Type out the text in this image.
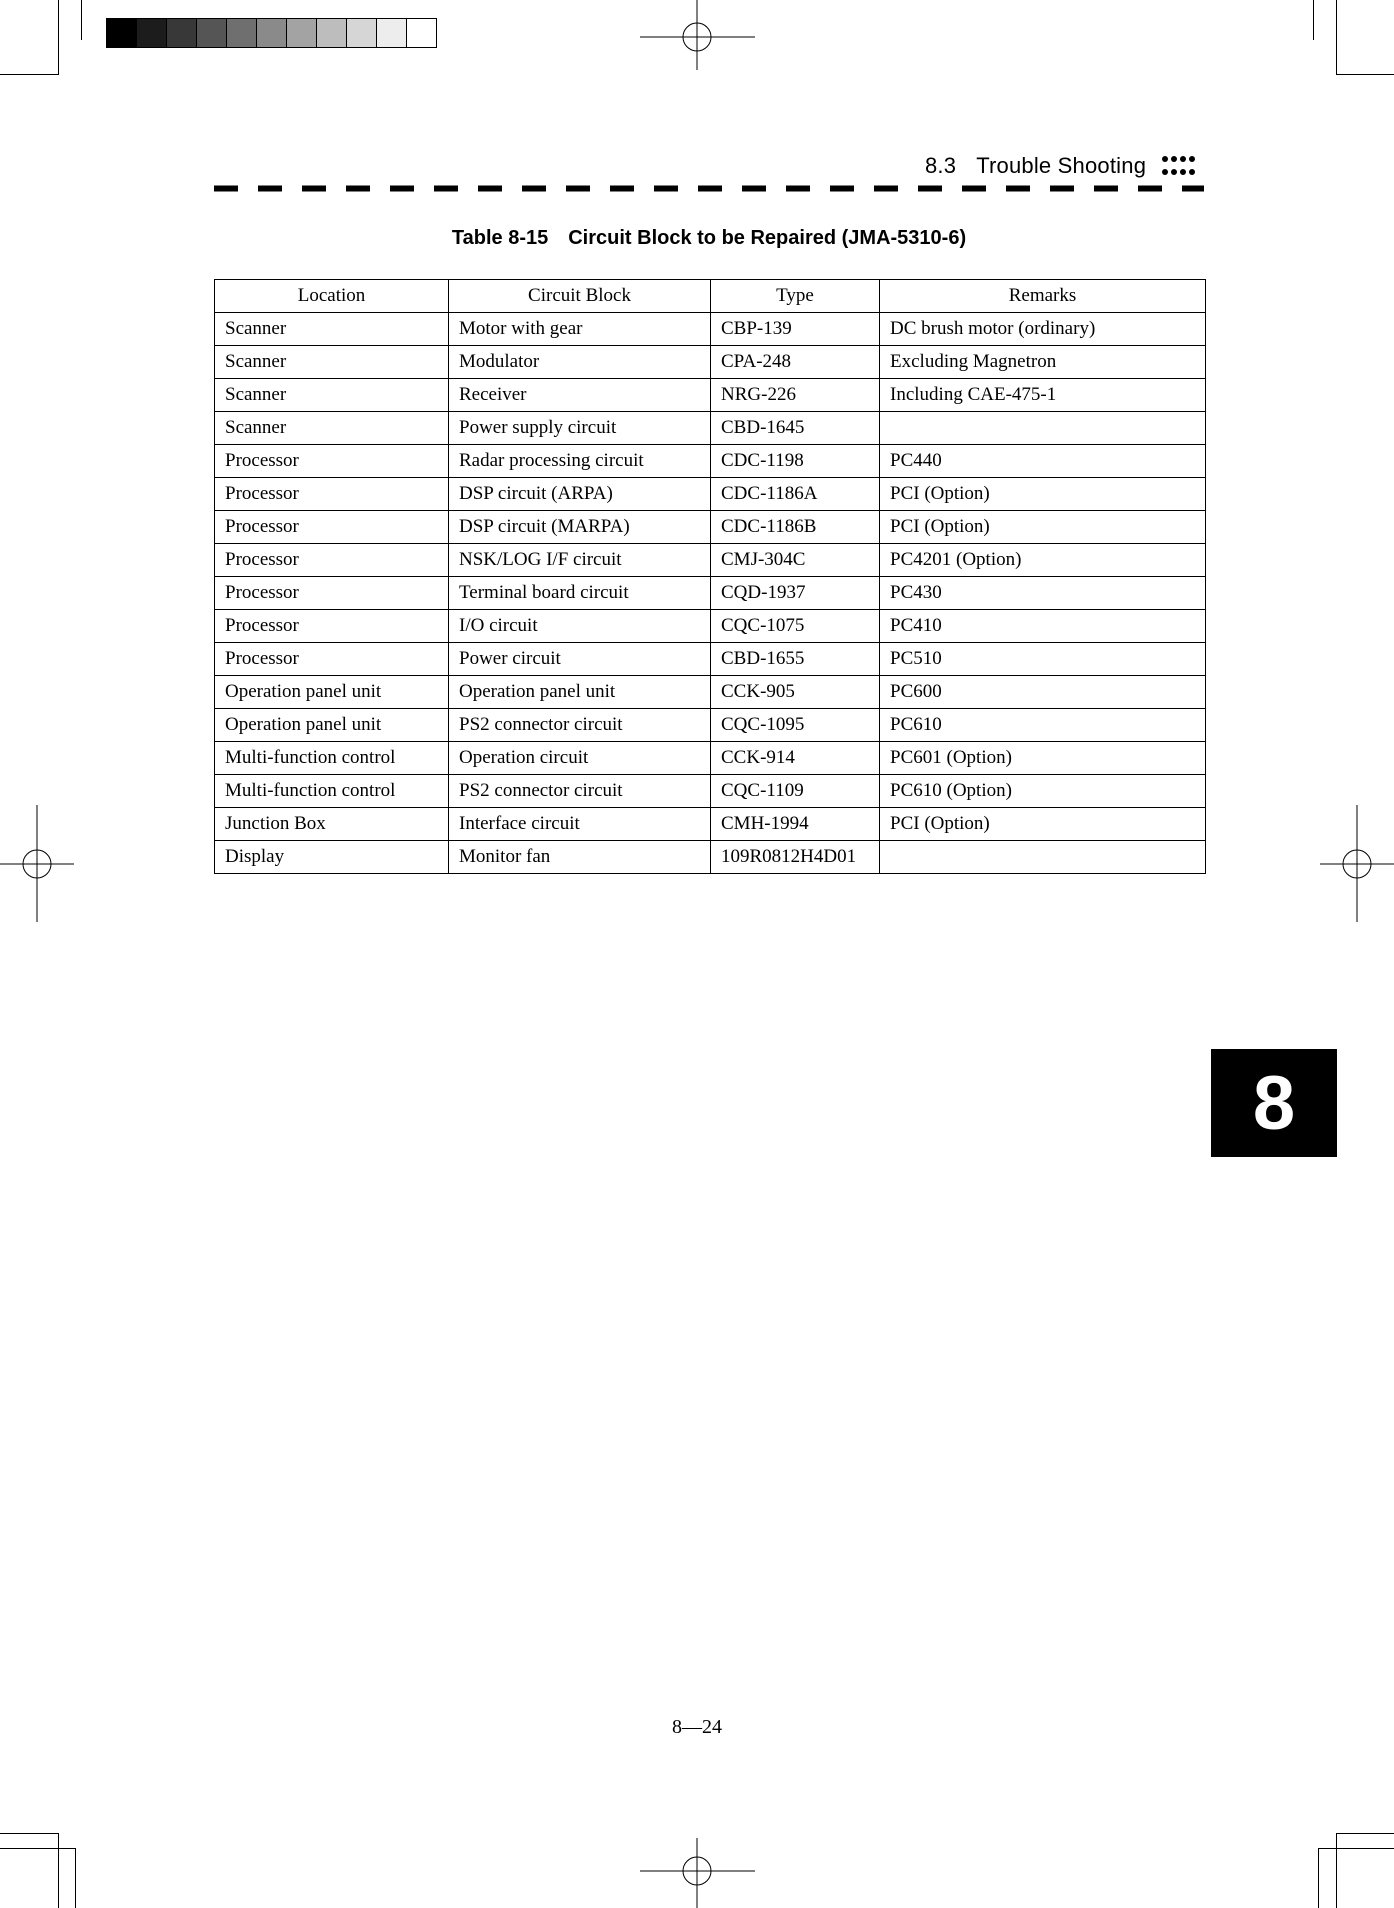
8.3 Trouble Shooting
Table 8-15 Circuit Block to be Repaired (JMA-5310-6)
Location	Circuit Block	Type	Remarks
Scanner	Motor with gear	CBP-139	DC brush motor (ordinary)
Scanner	Modulator	CPA-248	Excluding Magnetron
Scanner	Receiver	NRG-226	Including CAE-475-1
Scanner	Power supply circuit	CBD-1645	
Processor	Radar processing circuit	CDC-1198	PC440
Processor	DSP circuit (ARPA)	CDC-1186A	PCI (Option)
Processor	DSP circuit (MARPA)	CDC-1186B	PCI (Option)
Processor	NSK/LOG I/F circuit	CMJ-304C	PC4201 (Option)
Processor	Terminal board circuit	CQD-1937	PC430
Processor	I/O circuit	CQC-1075	PC410
Processor	Power circuit	CBD-1655	PC510
Operation panel unit	Operation panel unit	CCK-905	PC600
Operation panel unit	PS2 connector circuit	CQC-1095	PC610
Multi-function control	Operation circuit	CCK-914	PC601 (Option)
Multi-function control	PS2 connector circuit	CQC-1109	PC610 (Option)
Junction Box	Interface circuit	CMH-1994	PCI (Option)
Display	Monitor fan	109R0812H4D01	
8
8—24
